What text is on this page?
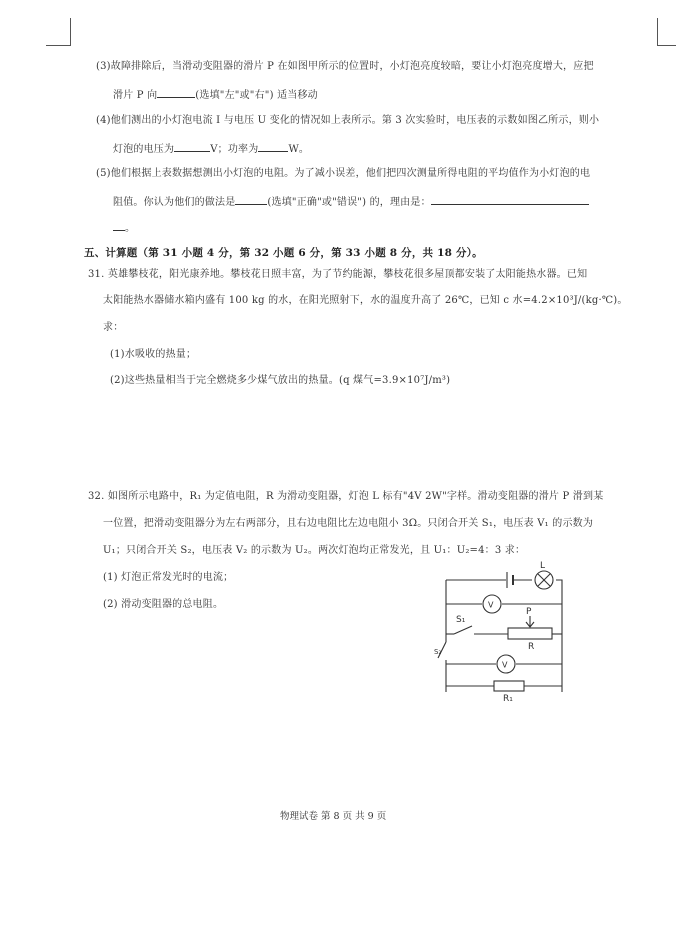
(3)故障排除后，当滑动变阻器的滑片 P 在如图甲所示的位置时，小灯泡亮度较暗，要让小灯泡亮度增大，应把
滑片 P 向	(选填"左"或"右") 适当移动
(4)他们测出的小灯泡电流 I 与电压 U 变化的情况如上表所示。第 3 次实验时，电压表的示数如图乙所示，则小
灯泡的电压为	V；功率为	W。
(5)他们根据上表数据想测出小灯泡的电阻。为了减小误差，他们把四次测量所得电阻的平均值作为小灯泡的电
阻值。你认为他们的做法是	(选填"正确"或"错误") 的，理由是：
。
五、计算题（第 31 小题 4 分，第 32 小题 6 分，第 33 小题 8 分，共 18 分）。
31. 英雄攀枝花，阳光康养地。攀枝花日照丰富，为了节约能源，攀枝花很多屋顶都安装了太阳能热水器。已知
太阳能热水器储水箱内盛有 100 kg 的水，在阳光照射下，水的温度升高了 26℃，已知 c 水=4.2×10³J/(kg·℃)。
求：
(1)水吸收的热量；
(2)这些热量相当于完全燃烧多少煤气放出的热量。(q 煤气=3.9×10⁷J/m³)
32. 如图所示电路中，R₁ 为定值电阻，R 为滑动变阻器，灯泡 L 标有"4V 2W"字样。滑动变阻器的滑片 P 滑到某
一位置，把滑动变阻器分为左右两部分，且右边电阻比左边电阻小 3Ω。只闭合开关 S₁，电压表 V₁ 的示数为
U₁；只闭合开关 S₂，电压表 V₂ 的示数为 U₂。两次灯泡均正常发光，且 U₁：U₂=4：3 求：
(1) 灯泡正常发光时的电流；
(2) 滑动变阻器的总电阻。
L
V
V
S₁
S₂
P
R
R₁
物理试卷 第 8 页 共 9 页
